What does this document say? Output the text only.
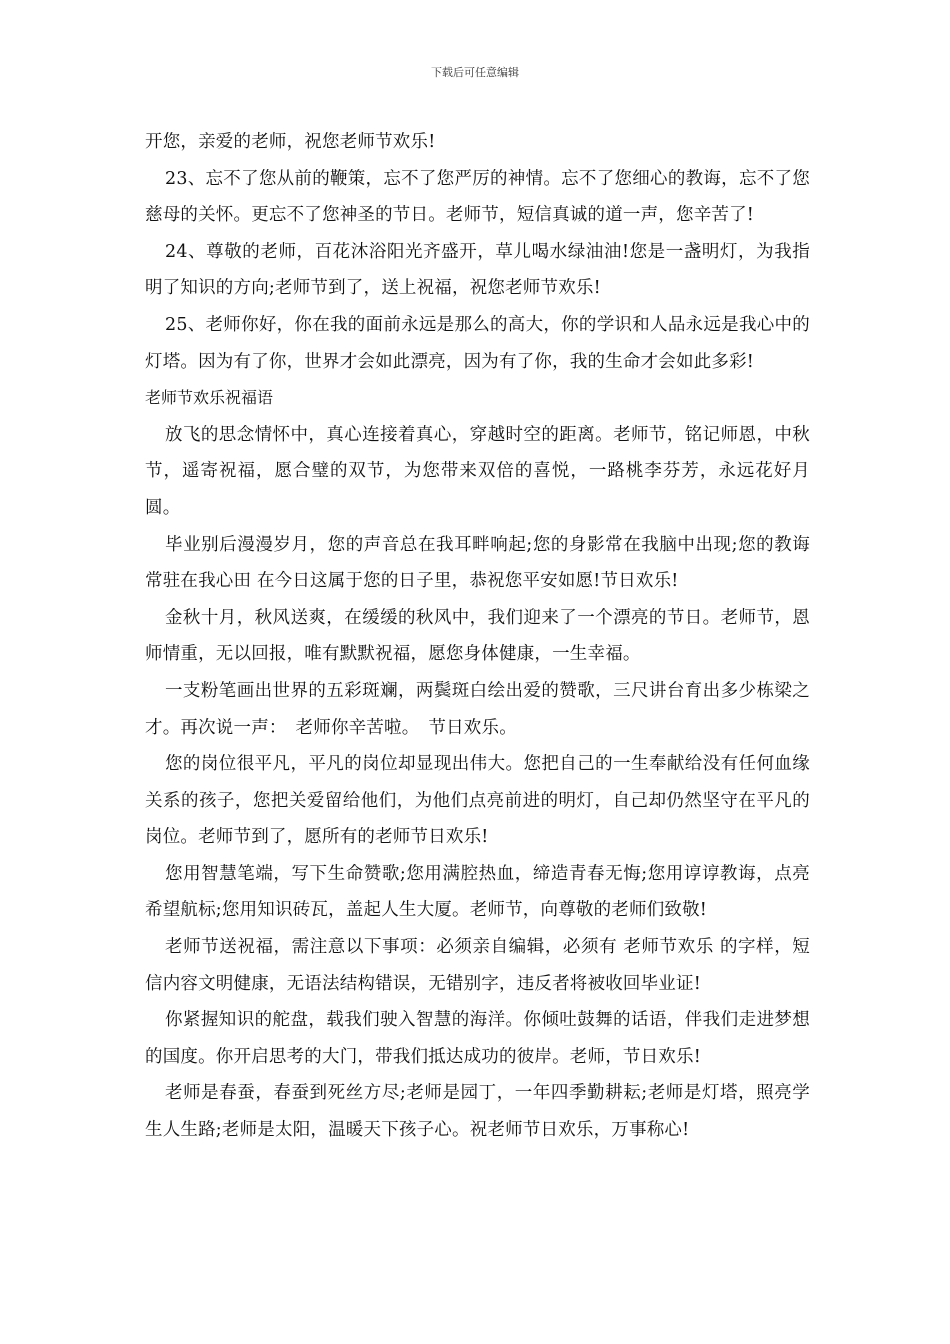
下载后可任意编辑

开您，亲爱的老师，祝您老师节欢乐!

23、忘不了您从前的鞭策，忘不了您严厉的神情。忘不了您细心的教诲，忘不了您慈母的关怀。更忘不了您神圣的节日。老师节，短信真诚的道一声，您辛苦了!

24、尊敬的老师，百花沐浴阳光齐盛开，草儿喝水绿油油!您是一盏明灯，为我指明了知识的方向;老师节到了，送上祝福，祝您老师节欢乐!

25、老师你好，你在我的面前永远是那么的高大，你的学识和人品永远是我心中的灯塔。因为有了你，世界才会如此漂亮，因为有了你，我的生命才会如此多彩!

老师节欢乐祝福语

放飞的思念情怀中，真心连接着真心，穿越时空的距离。老师节，铭记师恩，中秋节，遥寄祝福，愿合璧的双节，为您带来双倍的喜悦，一路桃李芬芳，永远花好月圆。

毕业别后漫漫岁月，您的声音总在我耳畔响起;您的身影常在我脑中出现;您的教诲常驻在我心田 在今日这属于您的日子里，恭祝您平安如愿!节日欢乐!

金秋十月，秋风送爽，在缓缓的秋风中，我们迎来了一个漂亮的节日。老师节，恩师情重，无以回报，唯有默默祝福，愿您身体健康，一生幸福。

一支粉笔画出世界的五彩斑斓，两鬓斑白绘出爱的赞歌，三尺讲台育出多少栋梁之才。再次说一声：　老师你辛苦啦。　节日欢乐。

您的岗位很平凡，平凡的岗位却显现出伟大。您把自己的一生奉献给没有任何血缘关系的孩子，您把关爱留给他们，为他们点亮前进的明灯，自己却仍然坚守在平凡的岗位。老师节到了，愿所有的老师节日欢乐!

您用智慧笔端，写下生命赞歌;您用满腔热血，缔造青春无悔;您用谆谆教诲，点亮希望航标;您用知识砖瓦，盖起人生大厦。老师节，向尊敬的老师们致敬!

老师节送祝福，需注意以下事项：必须亲自编辑，必须有 老师节欢乐 的字样，短信内容文明健康，无语法结构错误，无错别字，违反者将被收回毕业证!

你紧握知识的舵盘，载我们驶入智慧的海洋。你倾吐鼓舞的话语，伴我们走进梦想的国度。你开启思考的大门，带我们抵达成功的彼岸。老师，节日欢乐!

老师是春蚕，春蚕到死丝方尽;老师是园丁，一年四季勤耕耘;老师是灯塔，照亮学生人生路;老师是太阳，温暖天下孩子心。祝老师节日欢乐，万事称心!
